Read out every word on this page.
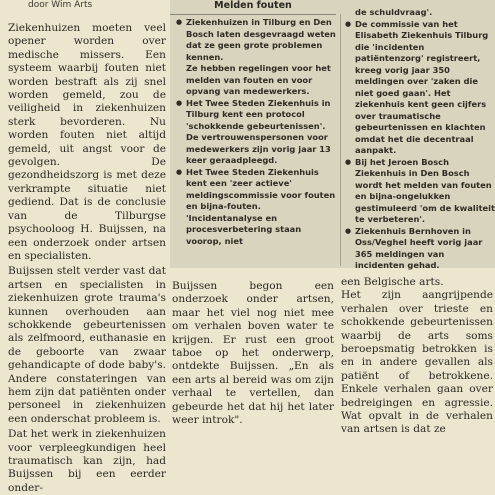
door Wim Arts

Ziekenhuizen moeten veel opener worden over medische missers. Een systeem waarbij fouten niet worden bestraft als zij snel worden gemeld, zou de veiligheid in ziekenhuizen sterk bevorderen. Nu worden fouten niet altijd gemeld, uit angst voor de gevolgen. De gezondheidszorg is met deze verkrampte situatie niet gediend. Dat is de conclusie van de Tilburgse psychooloog H. Buijssen, na een onderzoek onder artsen en specialisten.

Buijssen stelt verder vast dat artsen en specialisten in ziekenhuizen grote trauma's kunnen overhouden aan schokkende gebeurtenissen als zelfmoord, euthanasie en de geboorte van zwaar gehandicapte of dode baby's. Andere constateringen van hem zijn dat patiënten onder personeel in ziekenhuizen een onderschat probleem is.

Dat het werk in ziekenhuizen voor verpleegkundigen heel traumatisch kan zijn, had Buijssen bij een eerder onder-

Melden fouten
● Ziekenhuizen in Tilburg en Den Bosch laten desgevraagd weten dat ze geen grote problemen kennen.
Ze hebben regelingen voor het melden van fouten en voor opvang van medewerkers.
● Het Twee Steden Ziekenhuis in Tilburg kent een protocol 'schokkende gebeurtenissen'. De vertrouwenspersonen voor medewerkers zijn vorig jaar 13 keer geraadpleegd.
● Het Twee Steden Ziekenhuis kent een 'zeer actieve' meldingscommissie voor fouten en bijna-fouten.
'Incidentanalyse en procesverbetering staan voorop, niet
de schuldvraag'.
● De commissie van het Elisabeth Ziekenhuis Tilburg die 'incidenten patiëntenzorg' registreert, kreeg vorig jaar 350 meldingen over 'zaken die niet goed gaan'. Het ziekenhuis kent geen cijfers over traumatische gebeurtenissen en klachten omdat het die decentraal aanpakt.
● Bij het Jeroen Bosch Ziekenhuis in Den Bosch wordt het melden van fouten en bijna-ongelukken gestimuleerd 'om de kwaliteit te verbeteren'.
● Ziekenhuis Bernhoven in Oss/Veghel heeft vorig jaar 365 meldingen van incidenten gehad.

Buijssen begon een onderzoek onder artsen, maar het viel nog niet mee om verhalen boven water te krijgen. Er rust een groot taboe op het onderwerp, ontdekte Buijssen. „En als een arts al bereid was om zijn verhaal te vertellen, dan gebeurde het dat hij het later weer introk".

een Belgische arts.
Het zijn aangrijpende verhalen over trieste en schokkende gebeurtenissen waarbij de arts soms beroepsmatig betrokken is en in andere gevallen als patiënt of betrokkene. Enkele verhalen gaan over bedreigingen en agressie. Wat opvalt in de verhalen van artsen is dat ze
